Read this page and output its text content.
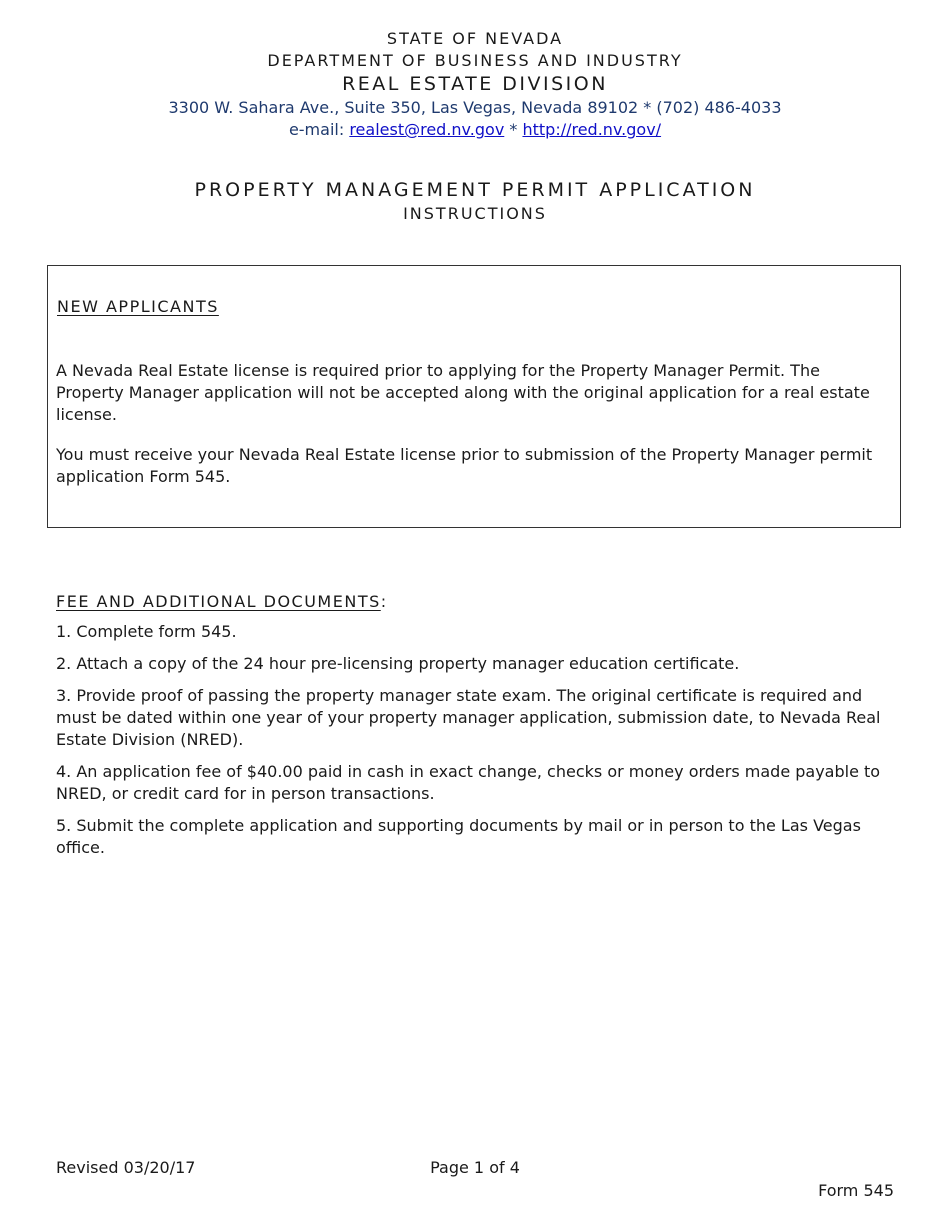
STATE OF NEVADA
DEPARTMENT OF BUSINESS AND INDUSTRY
REAL ESTATE DIVISION
3300 W. Sahara Ave., Suite 350, Las Vegas, Nevada 89102 * (702) 486-4033
e-mail: realest@red.nv.gov * http://red.nv.gov/
PROPERTY MANAGEMENT PERMIT APPLICATION
INSTRUCTIONS
NEW APPLICANTS
A Nevada Real Estate license is required prior to applying for the Property Manager Permit. The Property Manager application will not be accepted along with the original application for a real estate license.
You must receive your Nevada Real Estate license prior to submission of the Property Manager permit application Form 545.
FEE AND ADDITIONAL DOCUMENTS:
1. Complete form 545.
2. Attach a copy of the 24 hour pre-licensing property manager education certificate.
3. Provide proof of passing the property manager state exam. The original certificate is required and must be dated within one year of your property manager application, submission date, to Nevada Real Estate Division (NRED).
4. An application fee of $40.00 paid in cash in exact change, checks or money orders made payable to NRED, or credit card for in person transactions.
5. Submit the complete application and supporting documents by mail or in person to the Las Vegas office.
Revised 03/20/17	Page 1 of 4
Form 545
